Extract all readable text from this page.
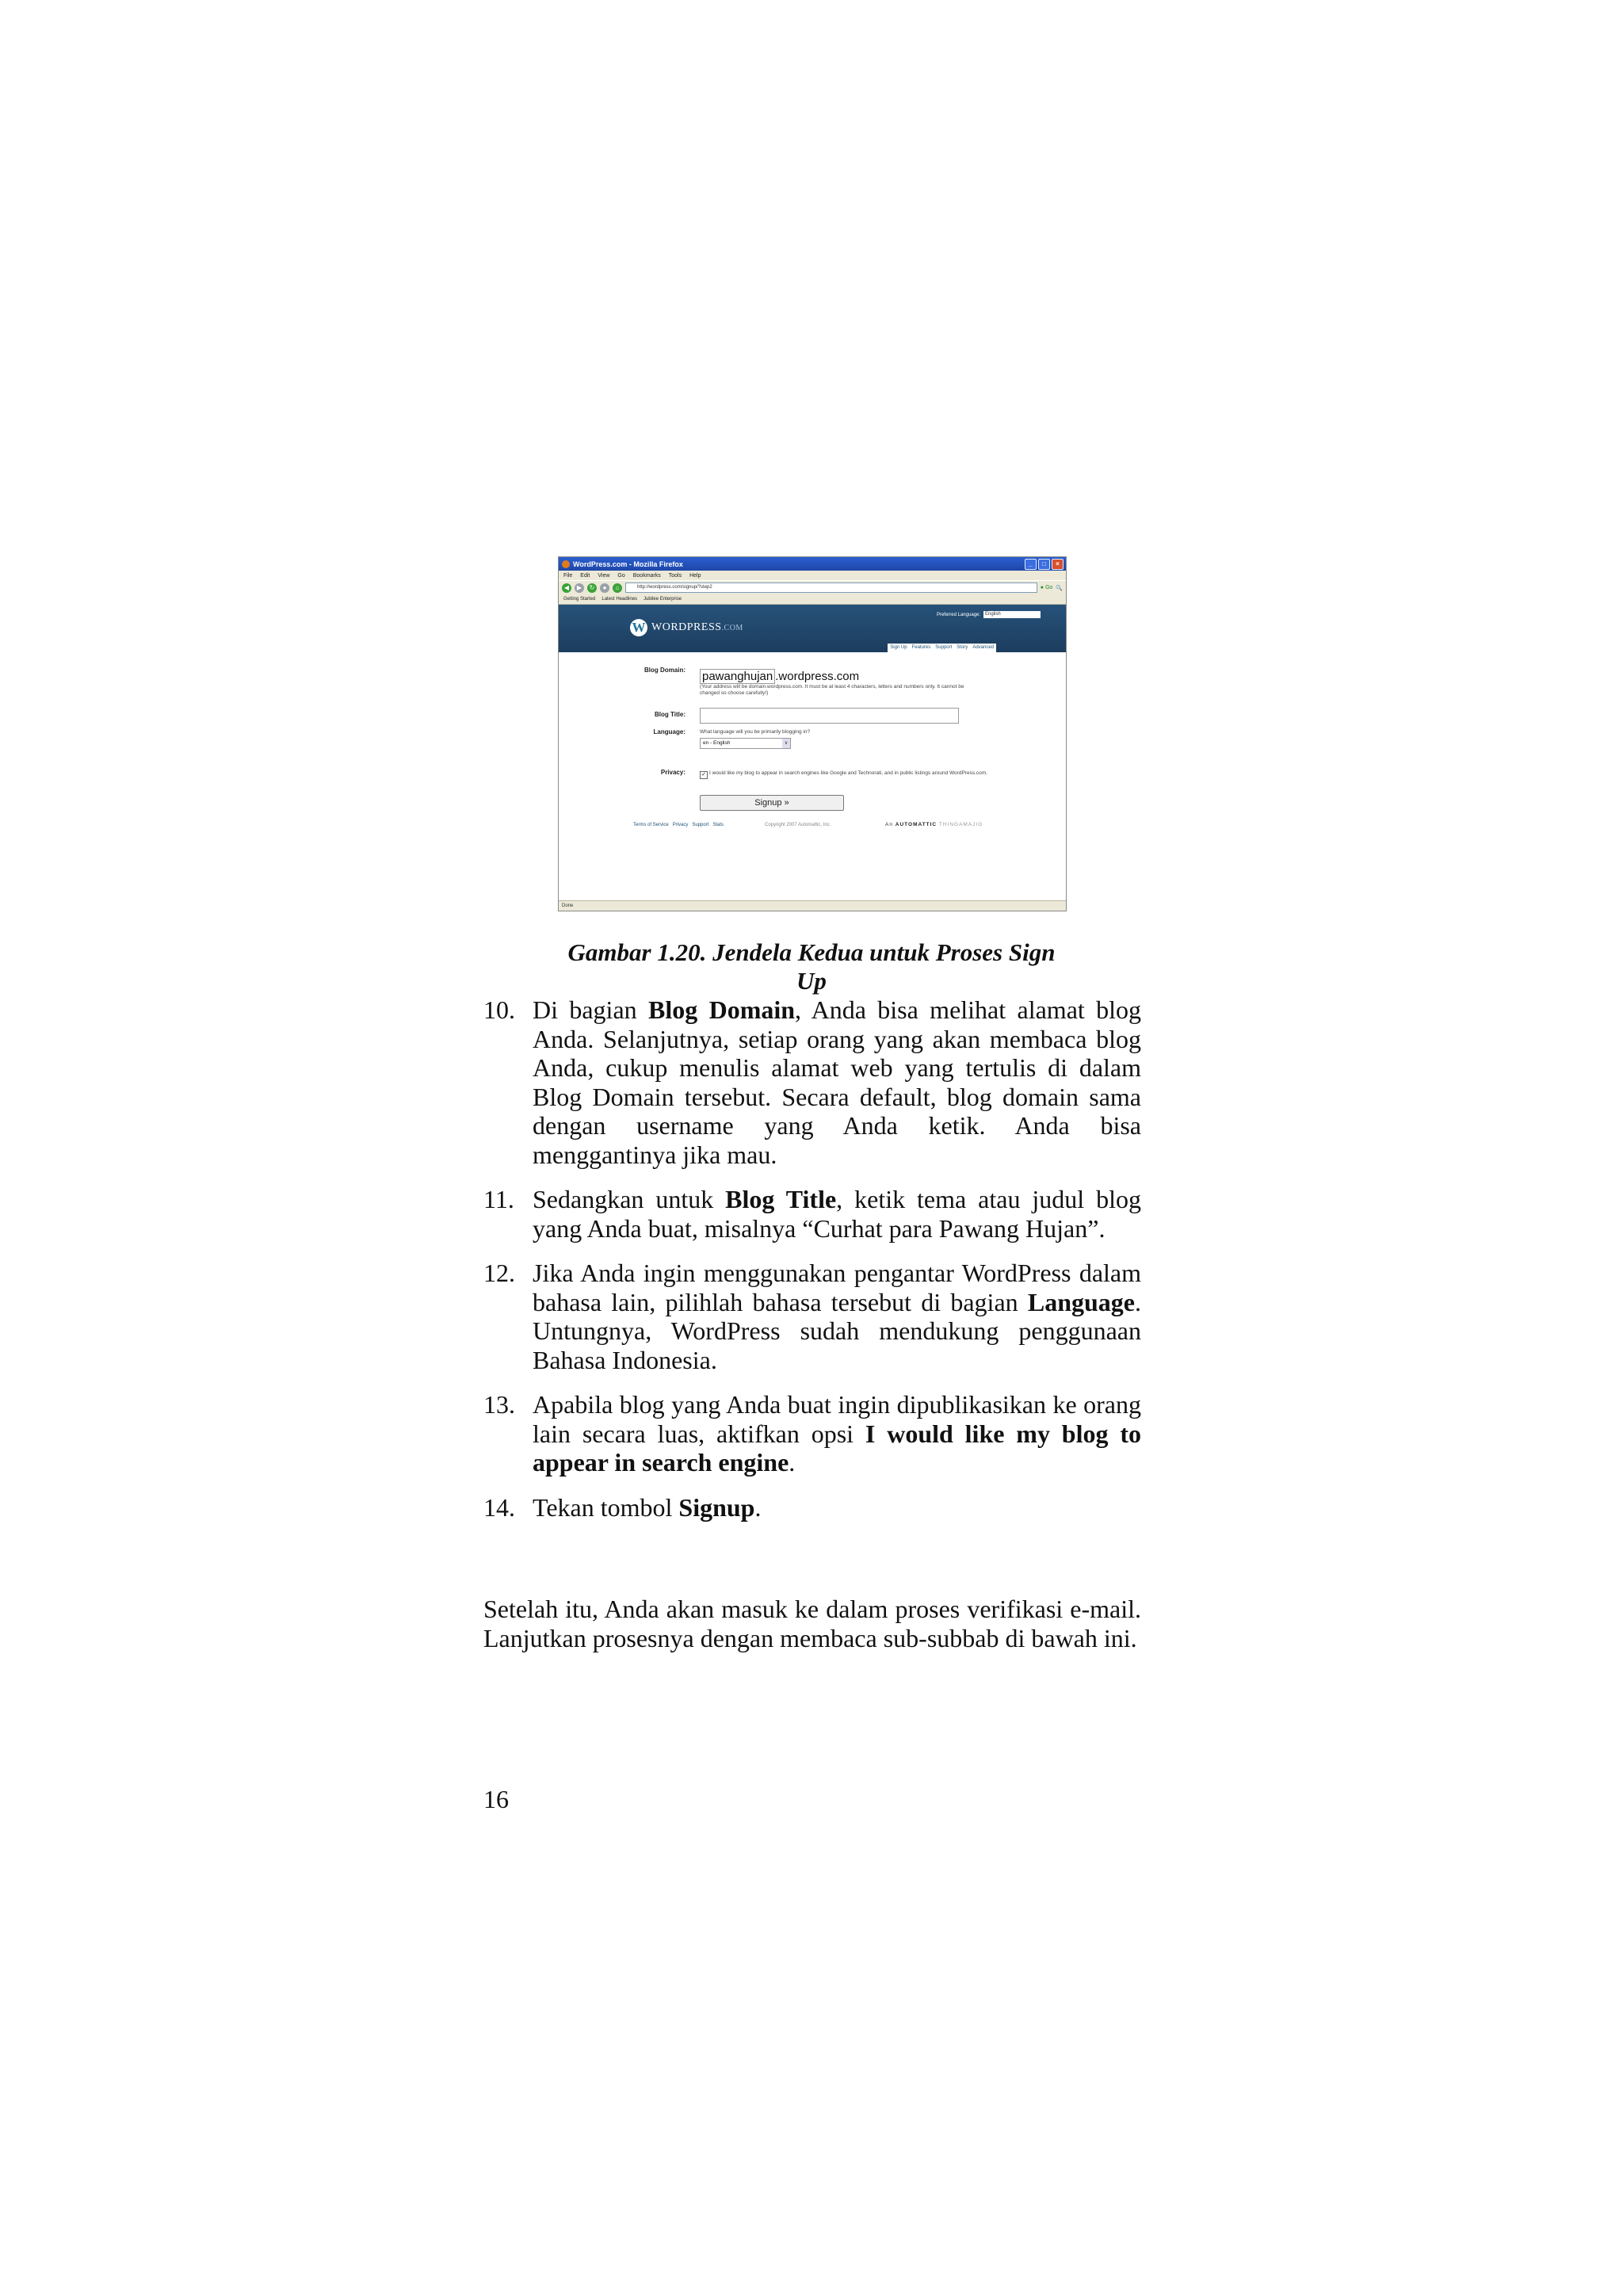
WordPress.com - Mozilla Firefox	_	□	×
File Edit View Go Bookmarks Tools Help
◀	▶	↻	●	⌂	http://wordpress.com/signup/?step2	● Go 🔍
Getting Started Latest Headlines Jubilee Enterprise
W WORDPRESS.COM
Preferred Language:	English
Sign Up	Features	Support	Story	Advanced
Blog Domain: pawanghujan .wordpress.com
(Your address will be domain.wordpress.com. It must be at least 4 characters, letters and numbers only. It cannot be changed so choose carefully!)
Blog Title:
Language:	What language will you be primarily blogging in?
en - English v
Privacy:	✓ I would like my blog to appear in search engines like Google and Technorati, and in public listings around WordPress.com.
Signup »
Terms of Service Privacy Support Stats	Copyright 2007 Automattic, Inc.	An AUTOMATTIC THINGAMAJIG
Done
Gambar 1.20. Jendela Kedua untuk Proses Sign Up
10. Di bagian Blog Domain, Anda bisa melihat alamat blog Anda. Selanjutnya, setiap orang yang akan membaca blog Anda, cukup menulis alamat web yang tertulis di dalam Blog Domain tersebut. Secara default, blog domain sama dengan username yang Anda ketik. Anda bisa menggantinya jika mau.
11. Sedangkan untuk Blog Title, ketik tema atau judul blog yang Anda buat, misalnya “Curhat para Pawang Hujan”.
12. Jika Anda ingin menggunakan pengantar WordPress dalam bahasa lain, pilihlah bahasa tersebut di bagian Language. Untungnya, WordPress sudah mendukung penggunaan Bahasa Indonesia.
13. Apabila blog yang Anda buat ingin dipublikasikan ke orang lain secara luas, aktifkan opsi I would like my blog to appear in search engine.
14. Tekan tombol Signup.

Setelah itu, Anda akan masuk ke dalam proses verifikasi e-mail. Lanjutkan prosesnya dengan membaca sub-subbab di bawah ini.

16
